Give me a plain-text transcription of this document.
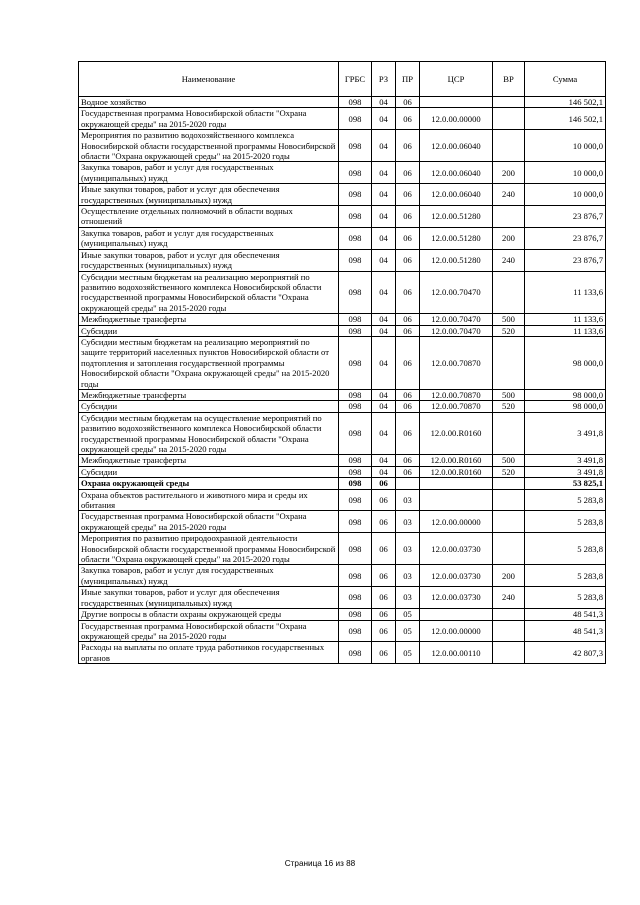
Наименование	ГРБС	РЗ	ПР	ЦСР	ВР	Сумма
Водное хозяйство	098	04	06			146 502,1
Государственная программа Новосибирской области "Охрана окружающей среды" на 2015-2020 годы	098	04	06	12.0.00.00000		146 502,1
Мероприятия по развитию водохозяйственного комплекса Новосибирской области государственной программы Новосибирской области "Охрана окружающей среды" на 2015-2020 годы	098	04	06	12.0.00.06040		10 000,0
Закупка товаров, работ и услуг для государственных (муниципальных) нужд	098	04	06	12.0.00.06040	200	10 000,0
Иные закупки товаров, работ и услуг для обеспечения государственных (муниципальных) нужд	098	04	06	12.0.00.06040	240	10 000,0
Осуществление отдельных полномочий в области водных отношений	098	04	06	12.0.00.51280		23 876,7
Закупка товаров, работ и услуг для государственных (муниципальных) нужд	098	04	06	12.0.00.51280	200	23 876,7
Иные закупки товаров, работ и услуг для обеспечения государственных (муниципальных) нужд	098	04	06	12.0.00.51280	240	23 876,7
Субсидии местным бюджетам на реализацию мероприятий по развитию водохозяйственного комплекса Новосибирской области государственной программы Новосибирской области "Охрана окружающей среды" на 2015-2020 годы	098	04	06	12.0.00.70470		11 133,6
Межбюджетные трансферты	098	04	06	12.0.00.70470	500	11 133,6
Субсидии	098	04	06	12.0.00.70470	520	11 133,6
Субсидии местным бюджетам на реализацию мероприятий по защите территорий населенных пунктов Новосибирской области от подтопления и затопления государственной программы Новосибирской области "Охрана окружающей среды" на 2015-2020 годы	098	04	06	12.0.00.70870		98 000,0
Межбюджетные трансферты	098	04	06	12.0.00.70870	500	98 000,0
Субсидии	098	04	06	12.0.00.70870	520	98 000,0
Субсидии местным бюджетам на осуществление мероприятий по развитию водохозяйственного комплекса Новосибирской области государственной программы Новосибирской области "Охрана окружающей среды" на 2015-2020 годы	098	04	06	12.0.00.R0160		3 491,8
Межбюджетные трансферты	098	04	06	12.0.00.R0160	500	3 491,8
Субсидии	098	04	06	12.0.00.R0160	520	3 491,8
Охрана окружающей среды	098	06				53 825,1
Охрана объектов растительного и животного мира и среды их обитания	098	06	03			5 283,8
Государственная программа Новосибирской области "Охрана окружающей среды" на 2015-2020 годы	098	06	03	12.0.00.00000		5 283,8
Мероприятия по развитию природоохранной деятельности Новосибирской области государственной программы Новосибирской области "Охрана окружающей среды" на 2015-2020 годы	098	06	03	12.0.00.03730		5 283,8
Закупка товаров, работ и услуг для государственных (муниципальных) нужд	098	06	03	12.0.00.03730	200	5 283,8
Иные закупки товаров, работ и услуг для обеспечения государственных (муниципальных) нужд	098	06	03	12.0.00.03730	240	5 283,8
Другие вопросы в области охраны окружающей среды	098	06	05			48 541,3
Государственная программа Новосибирской области "Охрана окружающей среды" на 2015-2020 годы	098	06	05	12.0.00.00000		48 541,3
Расходы на выплаты по оплате труда работников государственных органов	098	06	05	12.0.00.00110		42 807,3
Страница 16 из 88
